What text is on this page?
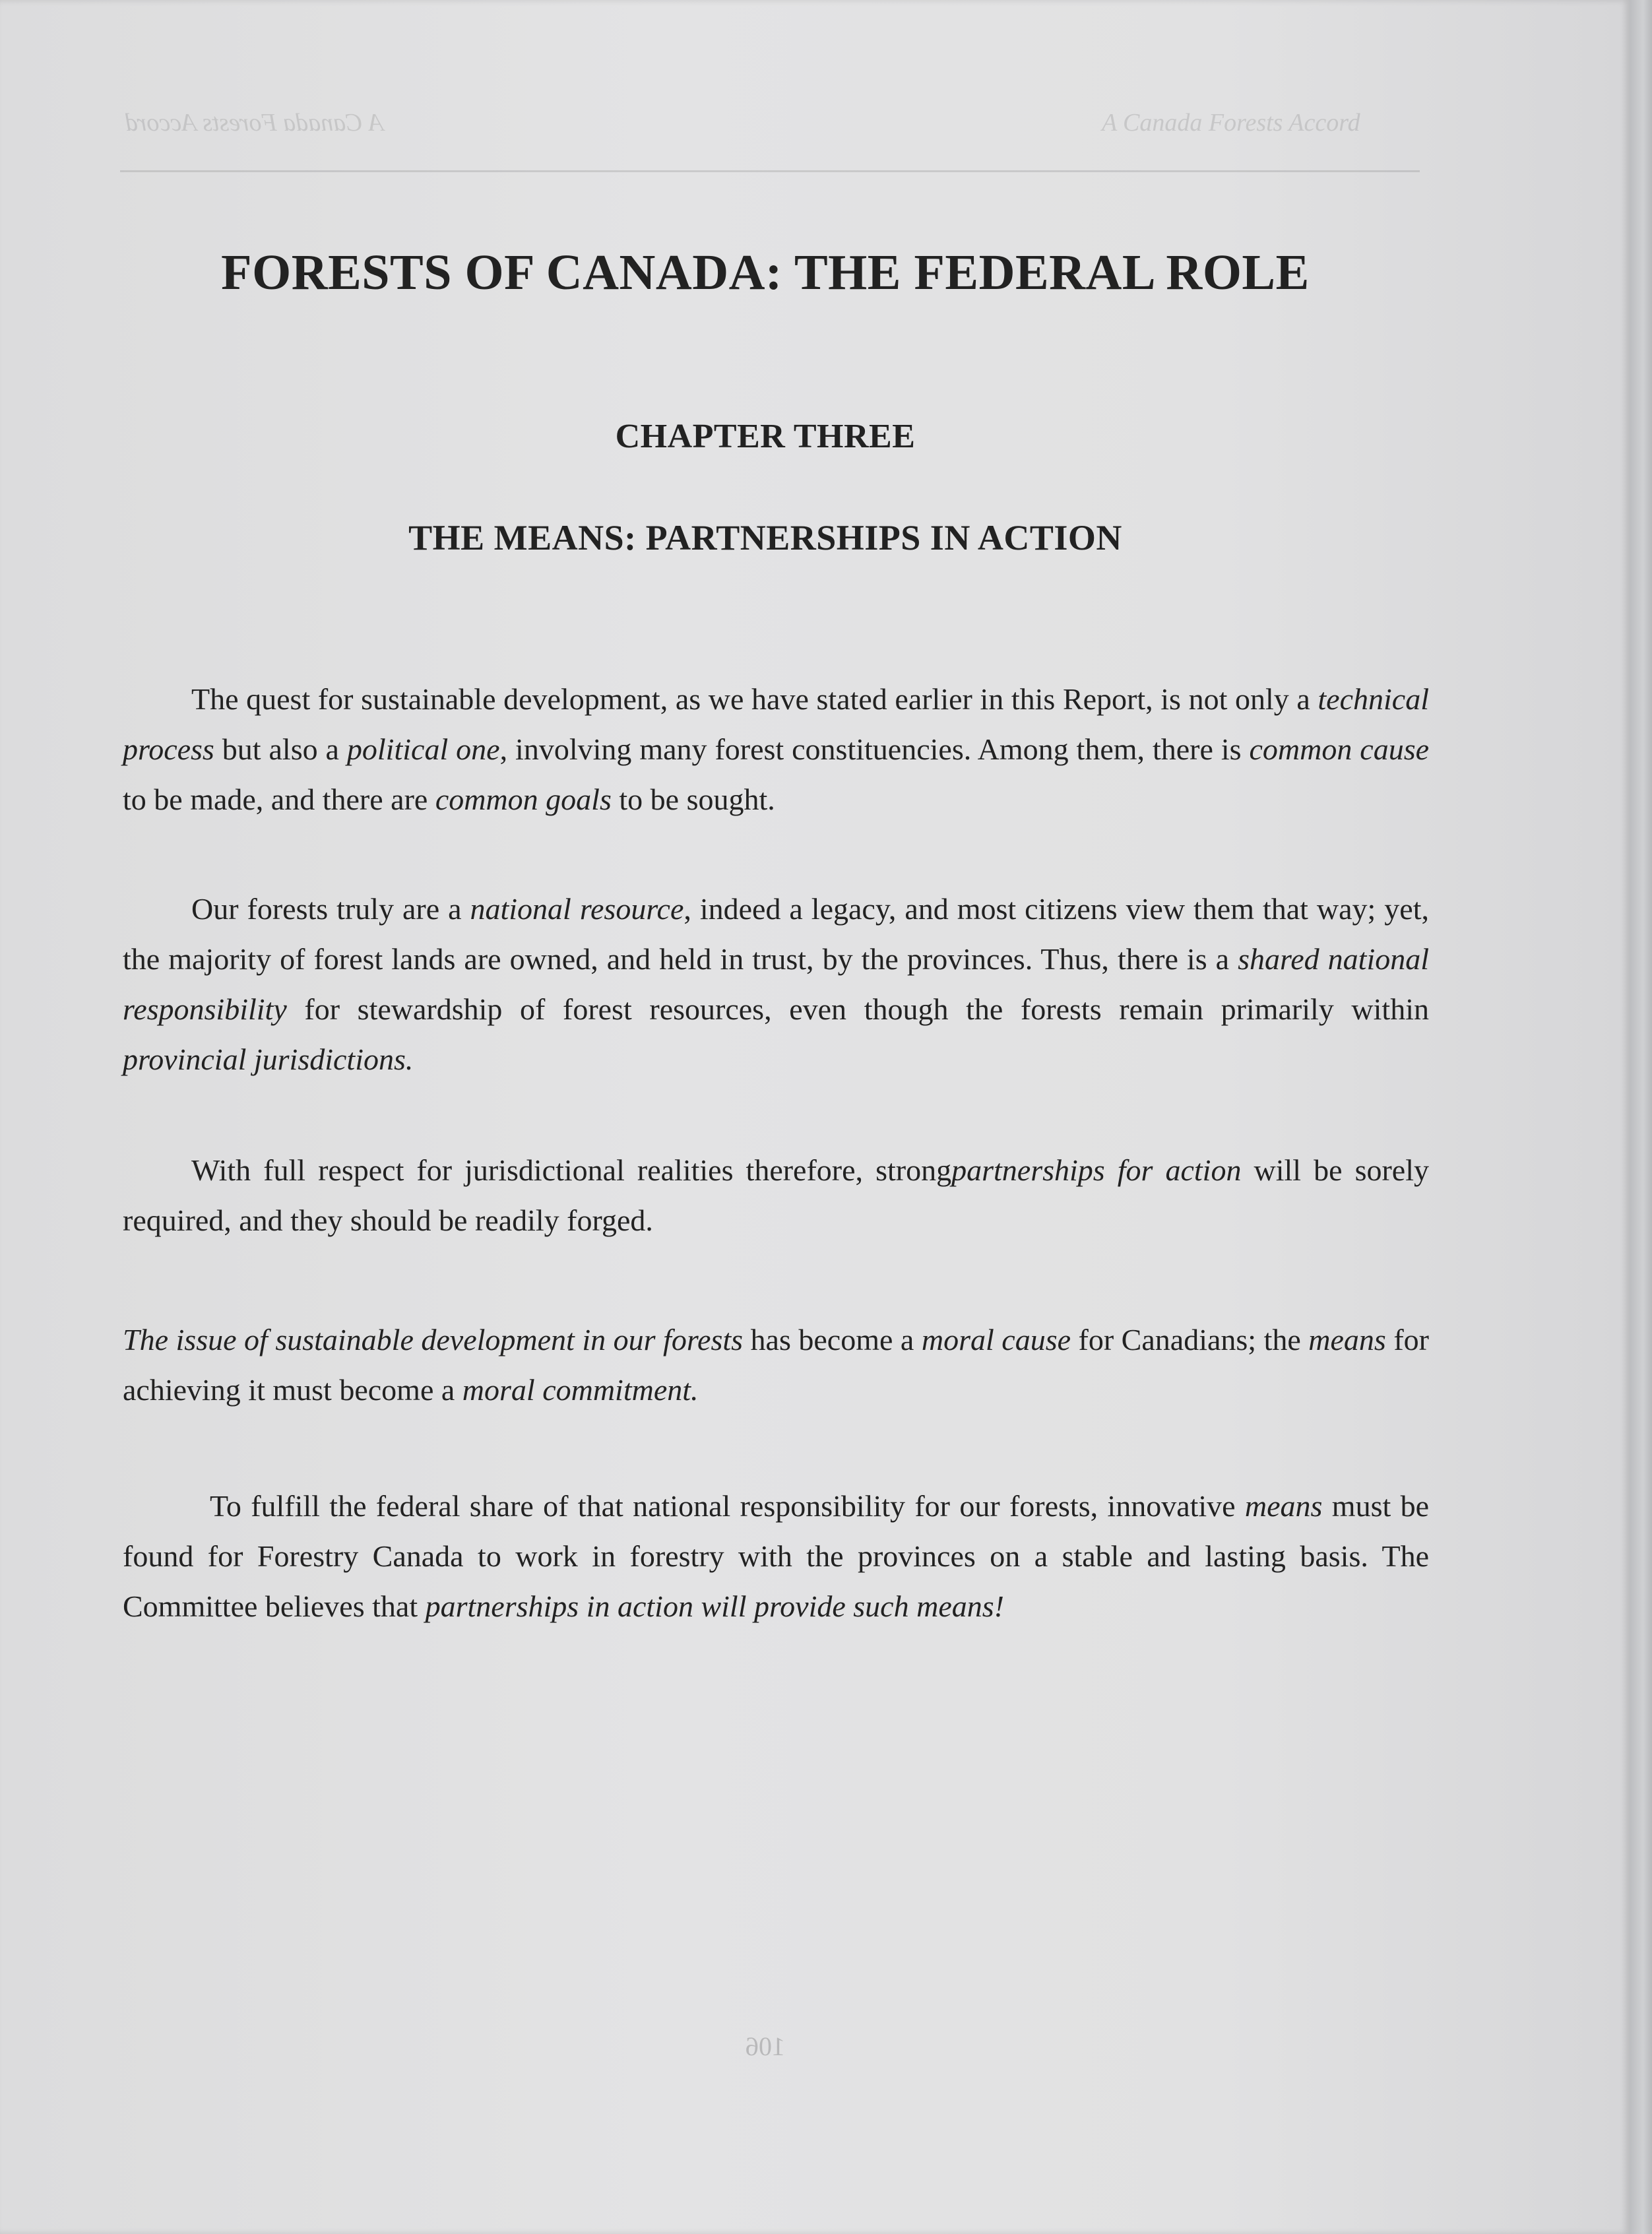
A Canada Forests Accord	A Canada Forests Accord
FORESTS OF CANADA: THE FEDERAL ROLE
CHAPTER THREE
THE MEANS: PARTNERSHIPS IN ACTION

The quest for sustainable development, as we have stated earlier in this Report, is not only a technical process but also a political one, involving many forest constituencies. Among them, there is common cause to be made, and there are common goals to be sought.

Our forests truly are a national resource, indeed a legacy, and most citizens view them that way; yet, the majority of forest lands are owned, and held in trust, by the provinces. Thus, there is a shared national responsibility for stewardship of forest resources, even though the forests remain primarily within provincial jurisdictions.

With full respect for jurisdictional realities therefore, strongpartnerships for action will be sorely required, and they should be readily forged.

The issue of sustainable development in our forests has become a moral cause for Canadians; the means for achieving it must become a moral commitment.

To fulfill the federal share of that national responsibility for our forests, innovative means must be found for Forestry Canada to work in forestry with the provinces on a stable and lasting basis. The Committee believes that partnerships in action will provide such means!

106
